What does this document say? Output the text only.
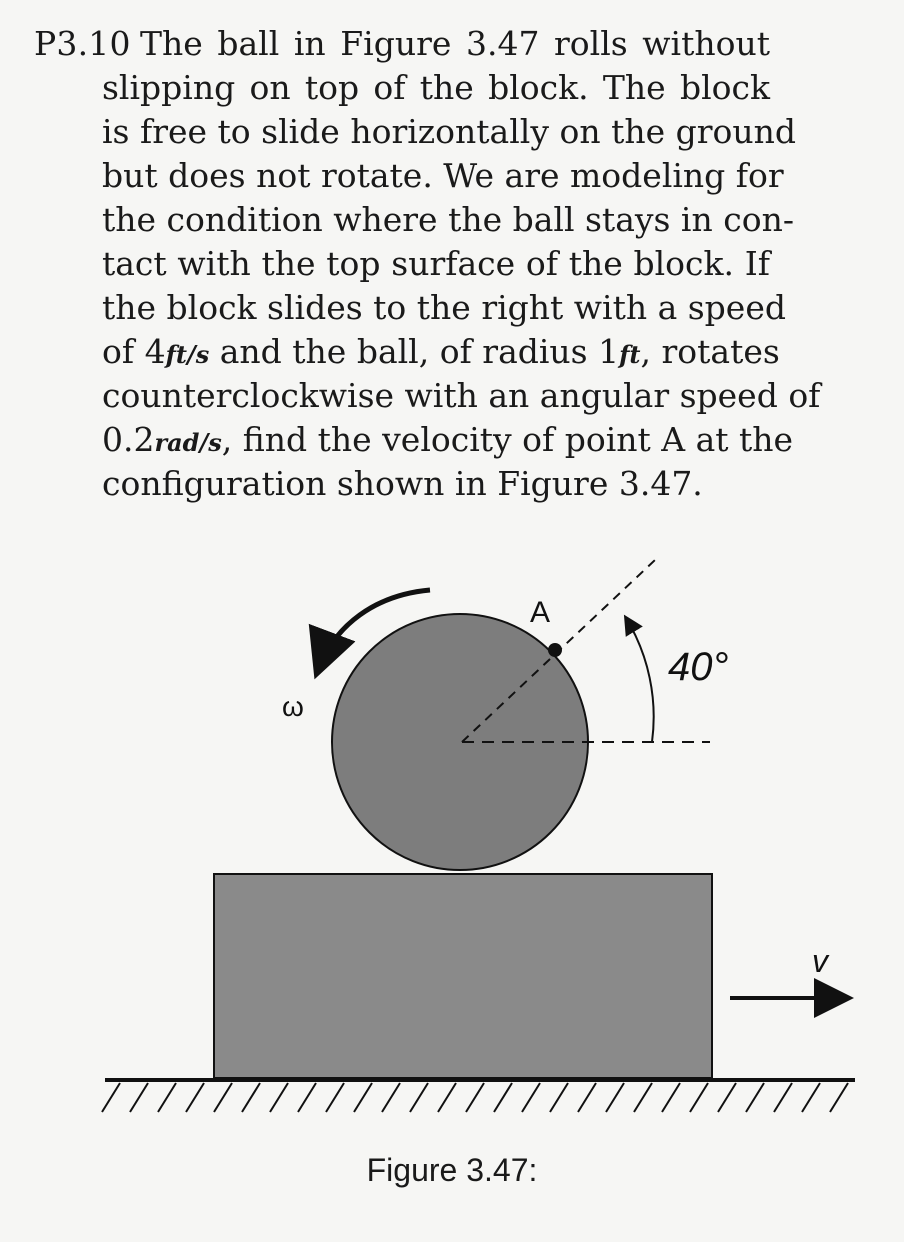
P3.10 The ball in Figure 3.47 rolls without
slipping on top of the block. The block
is free to slide horizontally on the ground
but does not rotate. We are modeling for
the condition where the ball stays in con-
tact with the top surface of the block. If
the block slides to the right with a speed
of 4ft/s and the ball, of radius 1ft, rotates
counterclockwise with an angular speed of
0.2rad/s, find the velocity of point A at the
configuration shown in Figure 3.47.
A
40°
ω
v
Figure 3.47:
